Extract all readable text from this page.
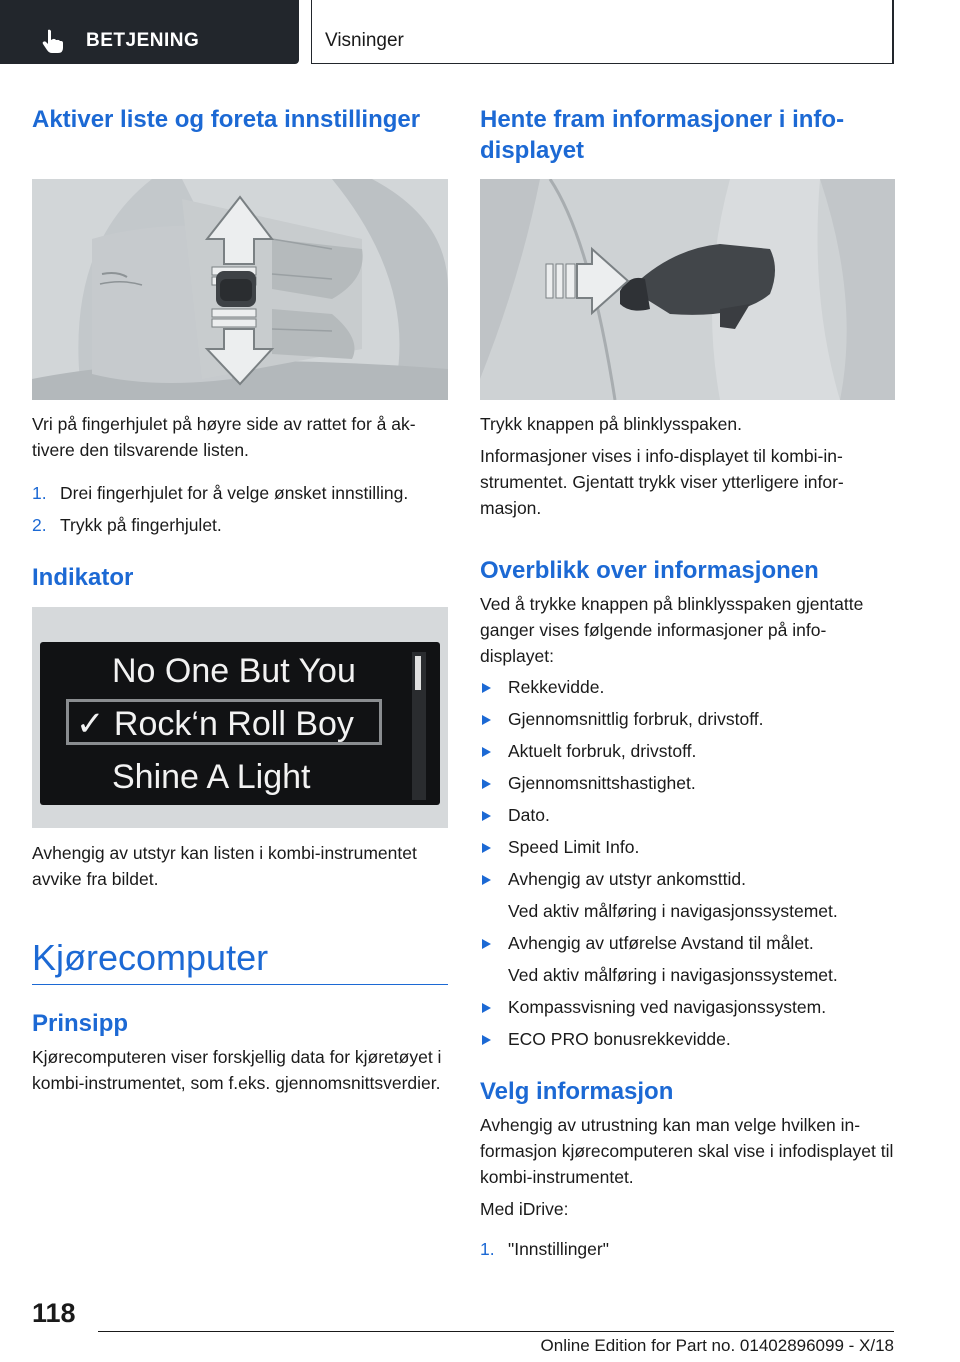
BETJENING	Visninger
Aktiver liste og foreta innstillinger

Vri på fingerhjulet på høyre side av rattet for å aktivere den tilsvarende listen.

1. Drei fingerhjulet for å velge ønsket innstilling.
2. Trykk på fingerhjulet.
Indikator
No One But You
✓ Rock‘n Roll Boy
Shine A Light

Avhengig av utstyr kan listen i kombi-instrumentet avvike fra bildet.

Kjørecomputer
Prinsipp

Kjørecomputeren viser forskjellig data for kjøretøyet i kombi-instrumentet, som f.eks. gjennomsnittsverdier.

Hente fram informasjoner i infodisplayet

Trykk knappen på blinklysspaken.

Informasjoner vises i info-displayet til kombi-instrumentet. Gjentatt trykk viser ytterligere informasjon.

Overblikk over informasjonen

Ved å trykke knappen på blinklysspaken gjentatte ganger vises følgende informasjoner på info-displayet:

Rekkevidde.
Gjennomsnittlig forbruk, drivstoff.
Aktuelt forbruk, drivstoff.
Gjennomsnittshastighet.
Dato.
Speed Limit Info.
Avhengig av utstyr ankomsttid.
Ved aktiv målføring i navigasjonssystemet.
Avhengig av utførelse Avstand til målet.
Ved aktiv målføring i navigasjonssystemet.
Kompassvisning ved navigasjonssystem.
ECO PRO bonusrekkevidde.
Velg informasjon

Avhengig av utrustning kan man velge hvilken informasjon kjørecomputeren skal vise i infodisplayet til kombi-instrumentet.

Med iDrive:

1. "Innstillinger"
118
Online Edition for Part no. 01402896099 - X/18
